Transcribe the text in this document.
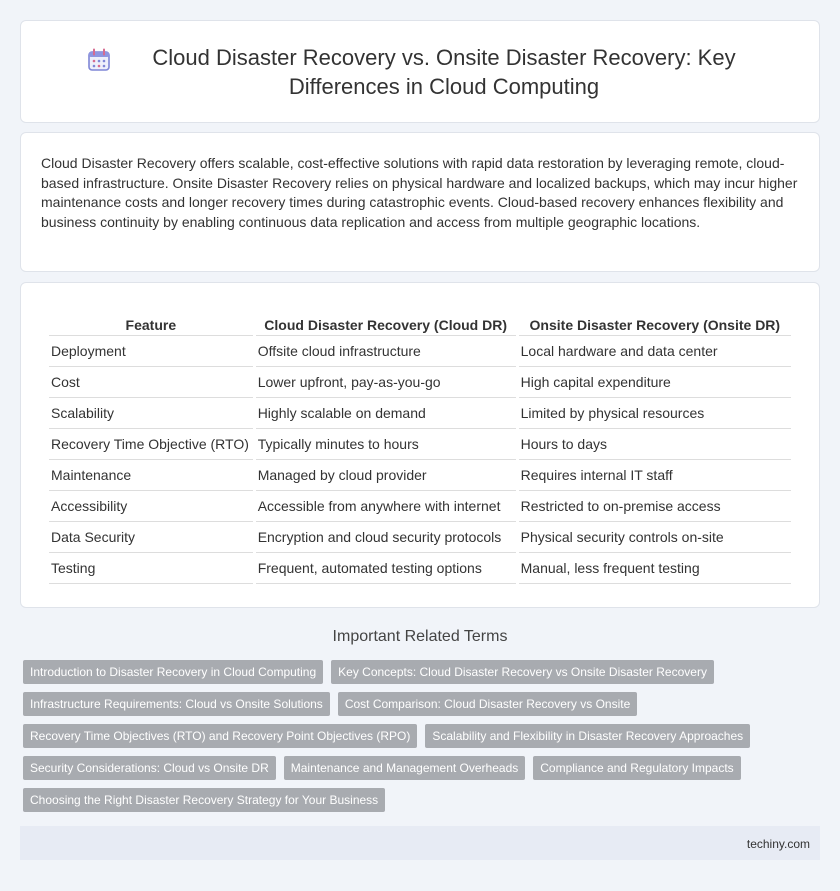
Cloud Disaster Recovery vs. Onsite Disaster Recovery: Key Differences in Cloud Computing

Cloud Disaster Recovery offers scalable, cost-effective solutions with rapid data restoration by leveraging remote, cloud-based infrastructure. Onsite Disaster Recovery relies on physical hardware and localized backups, which may incur higher maintenance costs and longer recovery times during catastrophic events. Cloud-based recovery enhances flexibility and business continuity by enabling continuous data replication and access from multiple geographic locations.

Feature	Cloud Disaster Recovery (Cloud DR)	Onsite Disaster Recovery (Onsite DR)
Deployment	Offsite cloud infrastructure	Local hardware and data center
Cost	Lower upfront, pay-as-you-go	High capital expenditure
Scalability	Highly scalable on demand	Limited by physical resources
Recovery Time Objective (RTO)	Typically minutes to hours	Hours to days
Maintenance	Managed by cloud provider	Requires internal IT staff
Accessibility	Accessible from anywhere with internet	Restricted to on-premise access
Data Security	Encryption and cloud security protocols	Physical security controls on-site
Testing	Frequent, automated testing options	Manual, less frequent testing
Important Related Terms
Introduction to Disaster Recovery in Cloud Computing	Key Concepts: Cloud Disaster Recovery vs Onsite Disaster Recovery
Infrastructure Requirements: Cloud vs Onsite Solutions	Cost Comparison: Cloud Disaster Recovery vs Onsite
Recovery Time Objectives (RTO) and Recovery Point Objectives (RPO)	Scalability and Flexibility in Disaster Recovery Approaches
Security Considerations: Cloud vs Onsite DR	Maintenance and Management Overheads	Compliance and Regulatory Impacts
Choosing the Right Disaster Recovery Strategy for Your Business
techiny.com
